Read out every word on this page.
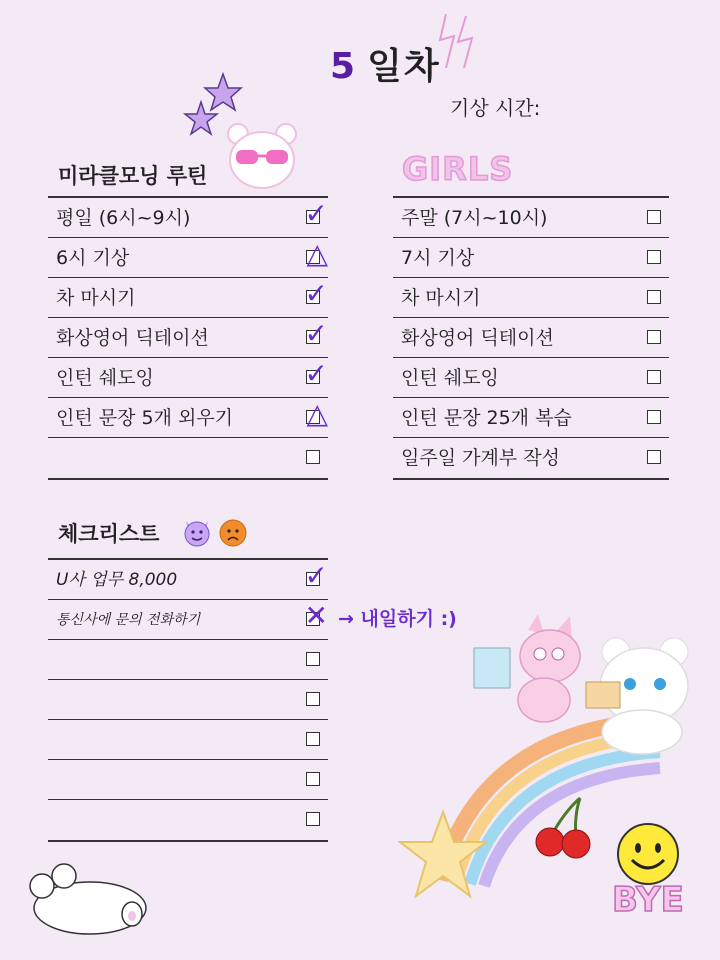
5 일차
기상 시간:
미라클모닝 루틴
평일 (6시~9시)	✓
6시 기상	△
차 마시기	✓
화상영어 딕테이션	✓
인턴 쉐도잉	✓
인턴 문장 5개 외우기	△
GIRLS
주말 (7시~10시)
7시 기상
차 마시기
화상영어 딕테이션
인턴 쉐도잉
인턴 문장 25개 복습
일주일 가계부 작성
체크리스트
U사 업무 8,000	✓
통신사에 문의 전화하기	✕ → 내일하기 :)
BYE
